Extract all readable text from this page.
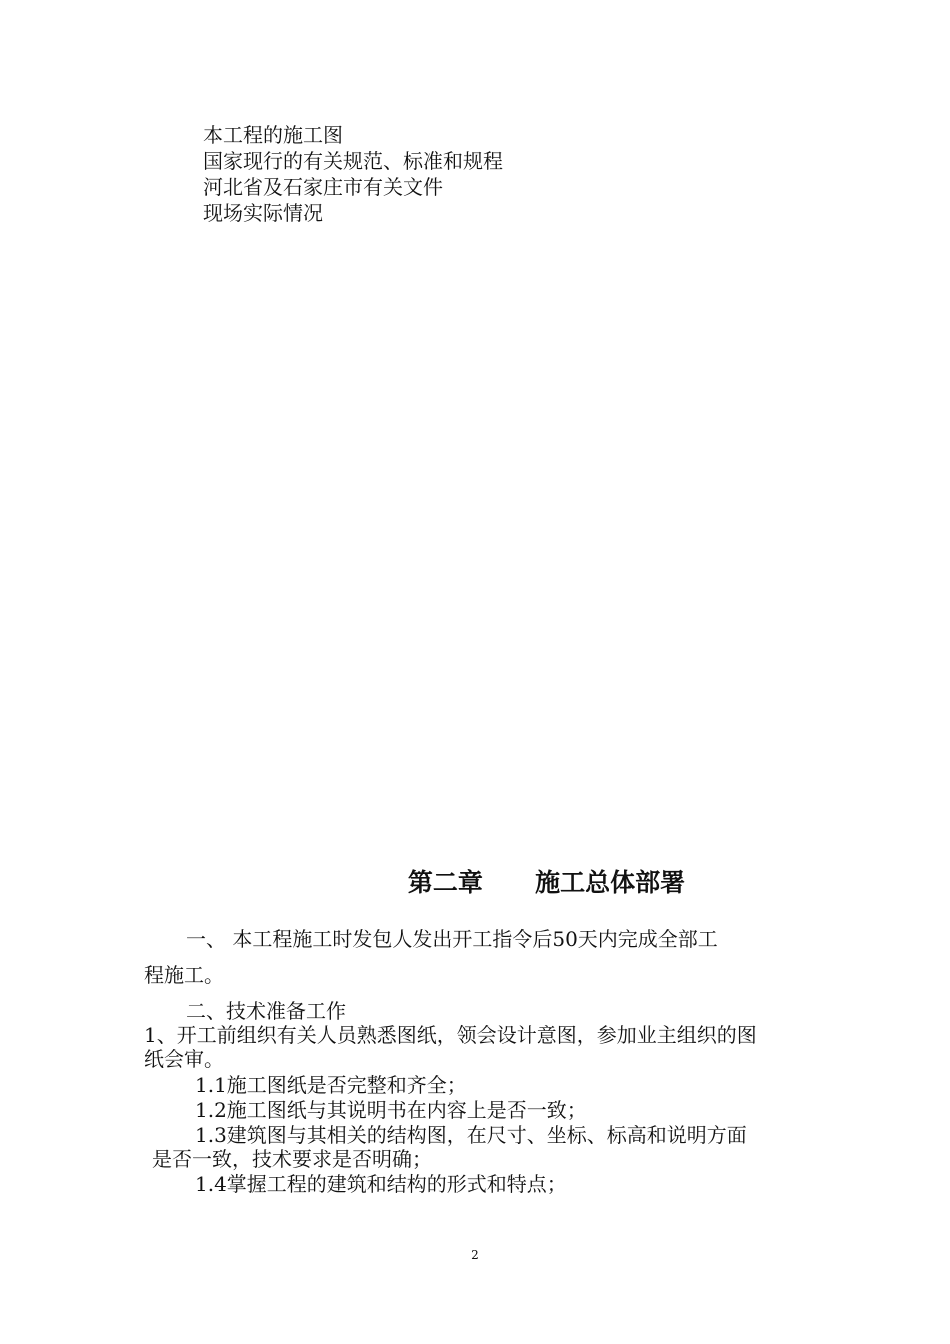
本工程的施工图
国家现行的有关规范、标准和规程
河北省及石家庄市有关文件
现场实际情况
第二章      施工总体部署
一、 本工程施工时发包人发出开工指令后50天内完成全部工
程施工。
二、技术准备工作
1、开工前组织有关人员熟悉图纸，领会设计意图，参加业主组织的图
纸会审。
1.1施工图纸是否完整和齐全；
1.2施工图纸与其说明书在内容上是否一致；
1.3建筑图与其相关的结构图，在尺寸、坐标、标高和说明方面
是否一致，技术要求是否明确；
1.4掌握工程的建筑和结构的形式和特点；
2
